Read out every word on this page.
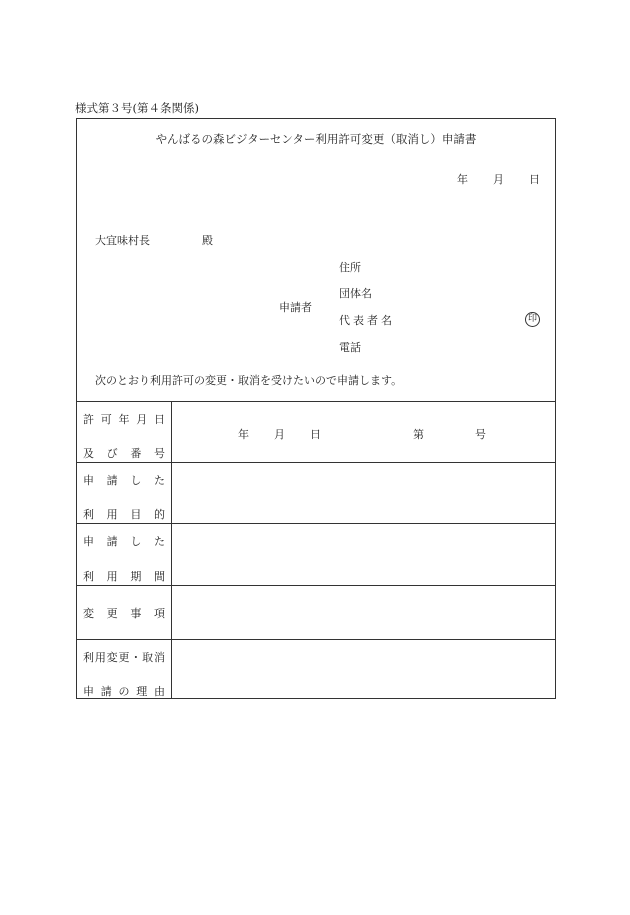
様式第３号(第４条関係)
やんばるの森ビジターセンター利用許可変更（取消し）申請書
年 月 日
大宜味村長	殿
申請者
住所
団体名
代表者名	印
電話
次のとおり利用許可の変更・取消を受けたいので申請します。
許 可 年 月 日
及 び 番 号
年 月 日	第	号
申 請 し た
利 用 目 的
申 請 し た
利 用 期 間
変 更 事 項
利 用 変 更 ・ 取 消
申 請 の 理 由
